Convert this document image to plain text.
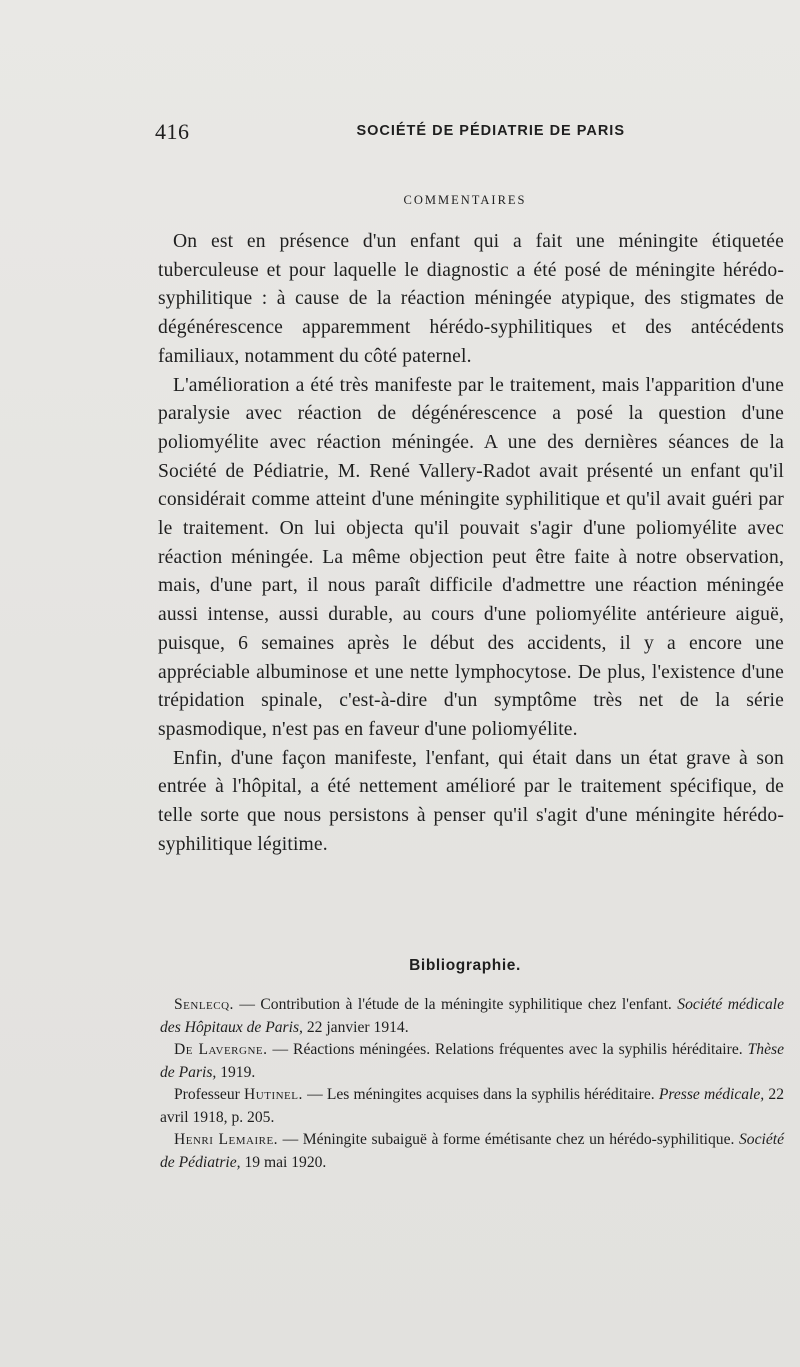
416	SOCIÉTÉ DE PÉDIATRIE DE PARIS
COMMENTAIRES

On est en présence d'un enfant qui a fait une méningite étiquetée tuberculeuse et pour laquelle le diagnostic a été posé de méningite hérédo-syphilitique : à cause de la réaction méningée atypique, des stigmates de dégénérescence apparemment hérédo-syphilitiques et des antécédents familiaux, notamment du côté paternel.

L'amélioration a été très manifeste par le traitement, mais l'apparition d'une paralysie avec réaction de dégénérescence a posé la question d'une poliomyélite avec réaction méningée. A une des dernières séances de la Société de Pédiatrie, M. René Vallery-Radot avait présenté un enfant qu'il considérait comme atteint d'une méningite syphilitique et qu'il avait guéri par le traitement. On lui objecta qu'il pouvait s'agir d'une poliomyélite avec réaction méningée. La même objection peut être faite à notre observation, mais, d'une part, il nous paraît difficile d'admettre une réaction méningée aussi intense, aussi durable, au cours d'une poliomyélite antérieure aiguë, puisque, 6 semaines après le début des accidents, il y a encore une appréciable albuminose et une nette lymphocytose. De plus, l'existence d'une trépidation spinale, c'est-à-dire d'un symptôme très net de la série spasmodique, n'est pas en faveur d'une poliomyélite.

Enfin, d'une façon manifeste, l'enfant, qui était dans un état grave à son entrée à l'hôpital, a été nettement amélioré par le traitement spécifique, de telle sorte que nous persistons à penser qu'il s'agit d'une méningite hérédo-syphilitique légitime.

Bibliographie.

Senlecq. — Contribution à l'étude de la méningite syphilitique chez l'enfant. Société médicale des Hôpitaux de Paris, 22 janvier 1914.

De Lavergne. — Réactions méningées. Relations fréquentes avec la syphilis héréditaire. Thèse de Paris, 1919.

Professeur Hutinel. — Les méningites acquises dans la syphilis héréditaire. Presse médicale, 22 avril 1918, p. 205.

Henri Lemaire. — Méningite subaiguë à forme émétisante chez un hérédo-syphilitique. Société de Pédiatrie, 19 mai 1920.
